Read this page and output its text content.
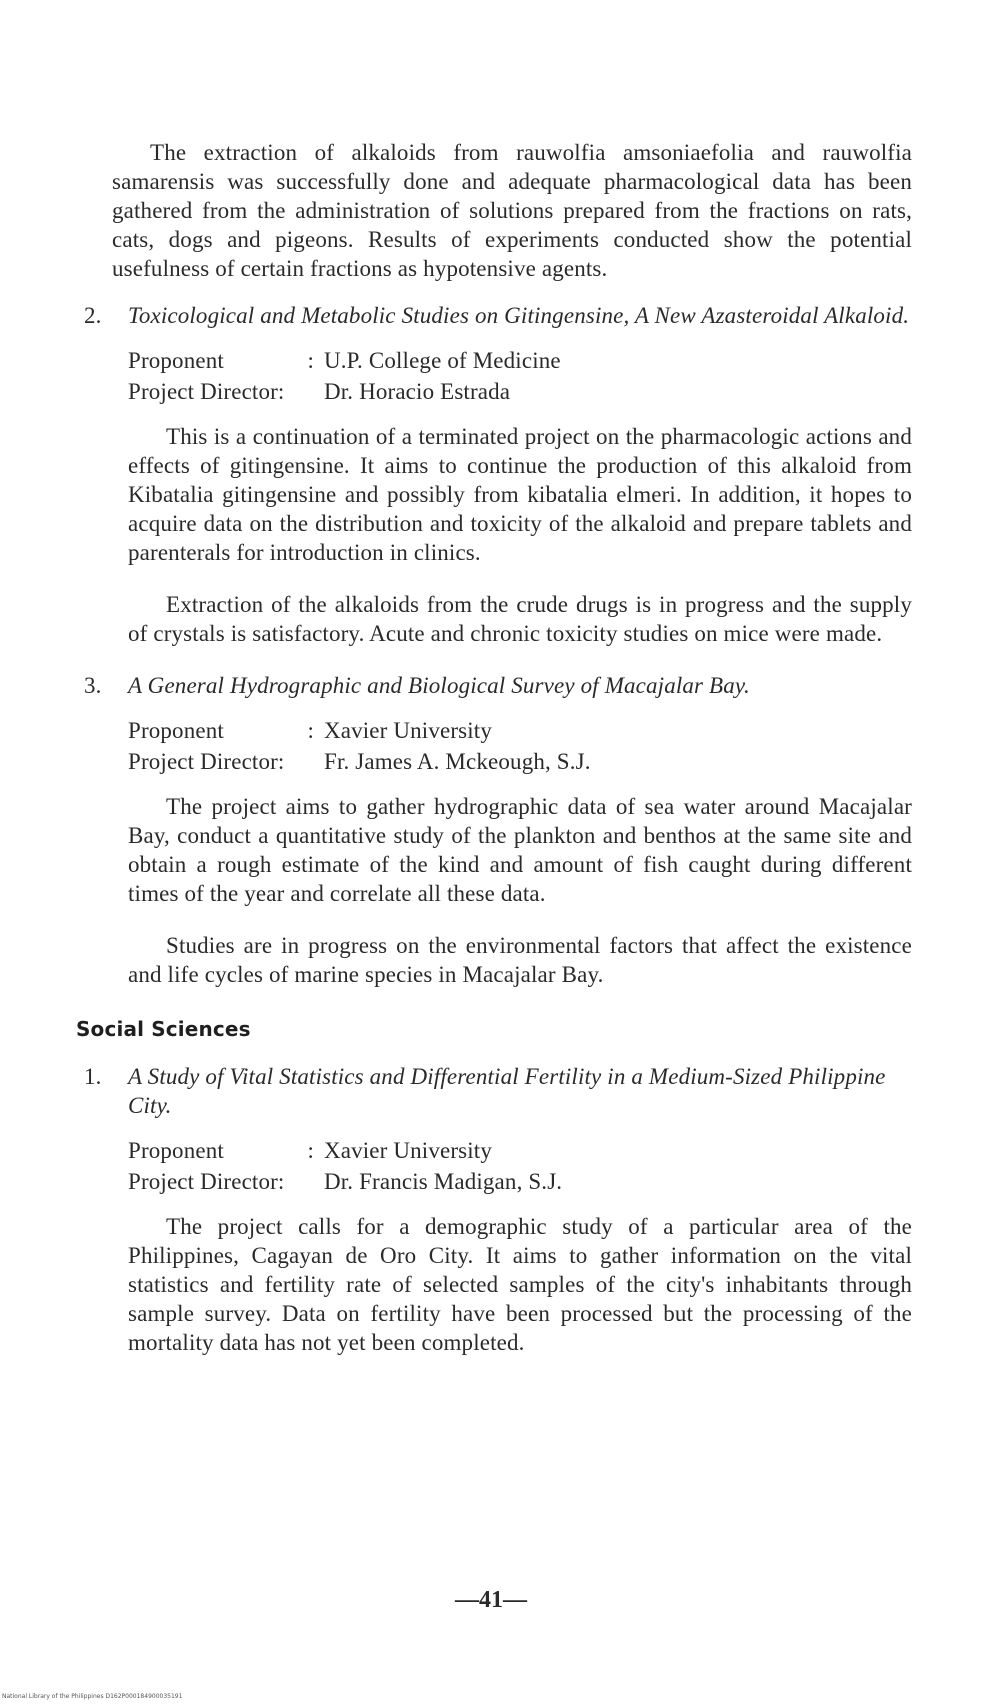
The extraction of alkaloids from rauwolfia amsoniaefolia and rauwolfia samarensis was successfully done and adequate pharmacological data has been gathered from the administration of solutions prepared from the fractions on rats, cats, dogs and pigeons. Results of experiments conducted show the potential usefulness of certain fractions as hypotensive agents.

2. Toxicological and Metabolic Studies on Gitingensine, A New Azasteroidal Alkaloid.
Proponent	: U.P. College of Medicine
Project Director: Dr. Horacio Estrada

This is a continuation of a terminated project on the pharmacologic actions and effects of gitingensine. It aims to continue the production of this alkaloid from Kibatalia gitingensine and possibly from kibatalia elmeri. In addition, it hopes to acquire data on the distribution and toxicity of the alkaloid and prepare tablets and parenterals for introduction in clinics.

Extraction of the alkaloids from the crude drugs is in progress and the supply of crystals is satisfactory. Acute and chronic toxicity studies on mice were made.

3. A General Hydrographic and Biological Survey of Macajalar Bay.
Proponent	: Xavier University
Project Director: Fr. James A. Mckeough, S.J.

The project aims to gather hydrographic data of sea water around Macajalar Bay, conduct a quantitative study of the plankton and benthos at the same site and obtain a rough estimate of the kind and amount of fish caught during different times of the year and correlate all these data.

Studies are in progress on the environmental factors that affect the existence and life cycles of marine species in Macajalar Bay.

Social Sciences
1. A Study of Vital Statistics and Differential Fertility in a Medium-Sized Philippine City.
Proponent	: Xavier University
Project Director: Dr. Francis Madigan, S.J.

The project calls for a demographic study of a particular area of the Philippines, Cagayan de Oro City. It aims to gather information on the vital statistics and fertility rate of selected samples of the city's inhabitants through sample survey. Data on fertility have been processed but the processing of the mortality data has not yet been completed.

—41—
National Library of the Philippines D162P000184900035191
